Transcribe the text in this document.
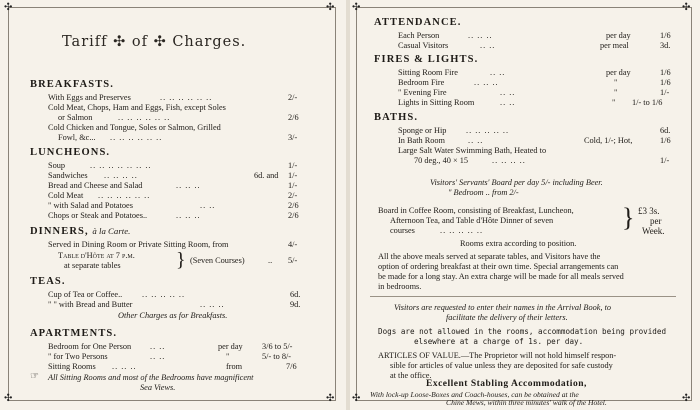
✣	✣
✣	✣
Tariff ✣ of ✣ Charges.
BREAKFASTS.
With Eggs and Preserves	.. .. .. .. .. ..	2/-
Cold Meat, Chops, Ham and Eggs, Fish, except Soles
or Salmon	.. .. .. .. .. ..	2/6
Cold Chicken and Tongue, Soles or Salmon, Grilled
Fowl, &c... .. .. .. .. .. ..	3/-
LUNCHEONS.
Soup	.. .. .. .. .. .. ..	1/-
Sandwiches .. .. .. ..	6d. and 1/-
Bread and Cheese and Salad	.. .. ..	1/-
Cold Meat .. .. .. .. .. ..	2/-
" with Salad and Potatoes	.. ..	2/6
Chops or Steak and Potatoes..	.. .. ..	2/6
DINNERS, à la Carte.
Served in Dining Room or Private Sitting Room, from	4/-
Table d'Hôte at 7 p.m.
at separate tables	} (Seven Courses)	.. 5/-
TEAS.
Cup of Tea or Coffee.. .. .. .. .. ..	6d.
" " with Bread and Butter	.. .. ..	9d.
Other Charges as for Breakfasts.
APARTMENTS.
Bedroom for One Person .. ..	per day 3/6 to 5/-
" for Two Persons	.. ..	"	5/- to 8/-
Sitting Rooms .. .. ..	from	7/6
☞ All Sitting Rooms and most of the Bedrooms have magnificent
Sea Views.
✣	✣
✣	✣
ATTENDANCE.
Each Person	.. .. ..	per day	1/6
Casual Visitors	.. ..	per meal	3d.
FIRES & LIGHTS.
Sitting Room Fire	.. ..	per day	1/6
Bedroom Fire	.. .. ..	"	1/6
" Evening Fire	.. ..	"	1/-
Lights in Sitting Room	.. ..	" 1/- to 1/6
BATHS.
Sponge or Hip .. .. .. .. ..	6d.
In Bath Room	.. ..	Cold, 1/-; Hot,	1/6
Large Salt Water Swimming Bath, Heated to
70 deg., 40 × 15	.. .. .. ..	1/-
Visitors' Servants' Board per day 5/- including Beer.
" Bedroom .. from 2/-
Board in Coffee Room, consisting of Breakfast, Luncheon,
Afternoon Tea, and Table d'Hôte Dinner of seven
courses	.. .. .. .. ..	} £3 3s.
per
Week.
Rooms extra according to position.
All the above meals served at separate tables, and Visitors have the
option of ordering breakfast at their own time. Special arrangements can
be made for a long stay. An extra charge will be made for all meals served
in bedrooms.
Visitors are requested to enter their names in the Arrival Book, to
facilitate the delivery of their letters.
Dogs are not allowed in the rooms, accommodation being provided
elsewhere at a charge of 1s. per day.
ARTICLES OF VALUE.—The Proprietor will not hold himself respon-
sible for articles of value unless they are deposited for safe custody
at the office.
Excellent Stabling Accommodation,
With lock-up Loose-Boxes and Coach-houses, can be obtained at the
Chine Mews, within three minutes' walk of the Hotel.
